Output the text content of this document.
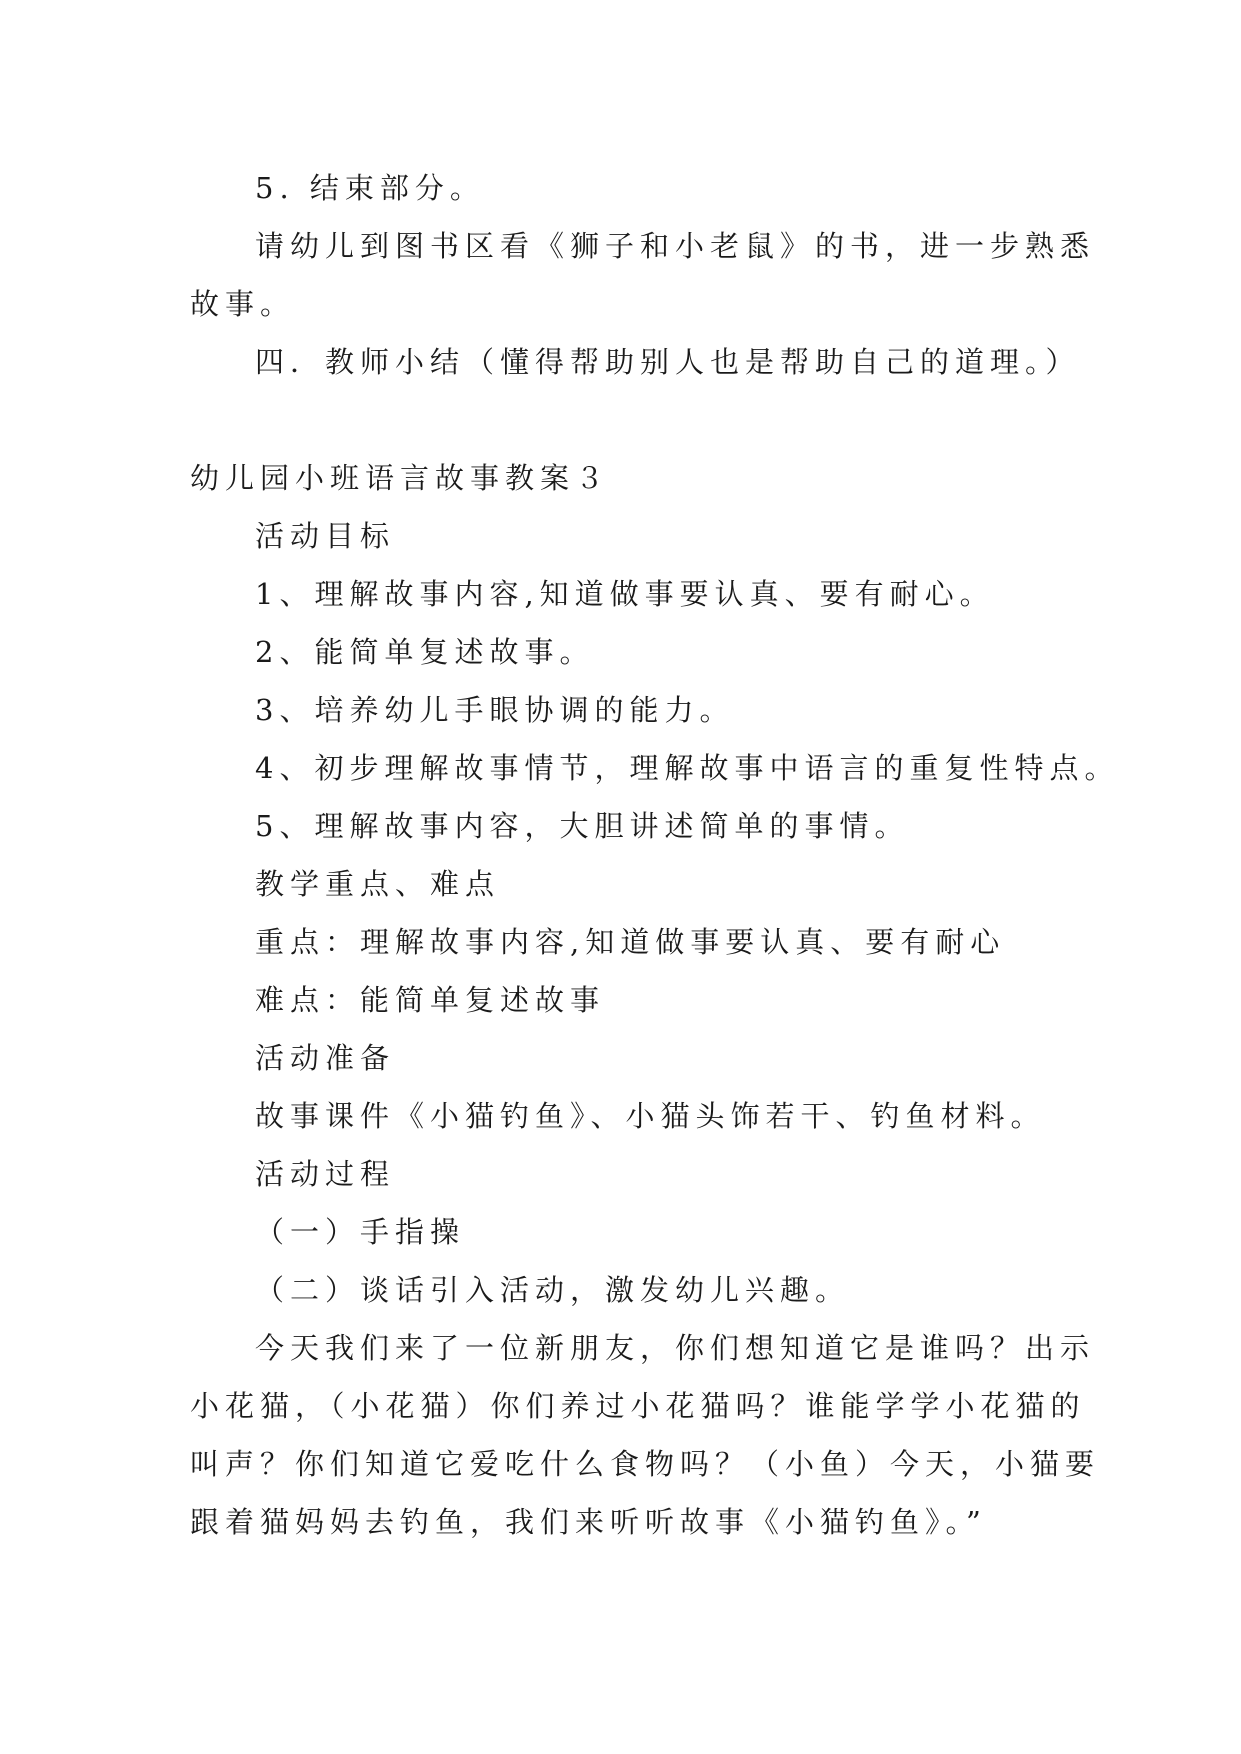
5. 结束部分。
请幼儿到图书区看《狮子和小老鼠》的书，进一步熟悉
故事。
四．教师小结（懂得帮助别人也是帮助自己的道理。）
幼儿园小班语言故事教案３
活动目标
1、理解故事内容,知道做事要认真、要有耐心。
2、能简单复述故事。
3、培养幼儿手眼协调的能力。
4、初步理解故事情节，理解故事中语言的重复性特点。
5、理解故事内容，大胆讲述简单的事情。
教学重点、难点
重点：理解故事内容,知道做事要认真、要有耐心
难点：能简单复述故事
活动准备
故事课件《小猫钓鱼》、小猫头饰若干、钓鱼材料。
活动过程
（一）手指操
（二）谈话引入活动，激发幼儿兴趣。
今天我们来了一位新朋友，你们想知道它是谁吗？出示
小花猫，（小花猫）你们养过小花猫吗？谁能学学小花猫的
叫声？你们知道它爱吃什么食物吗？（小鱼）今天，小猫要
跟着猫妈妈去钓鱼，我们来听听故事《小猫钓鱼》。”
